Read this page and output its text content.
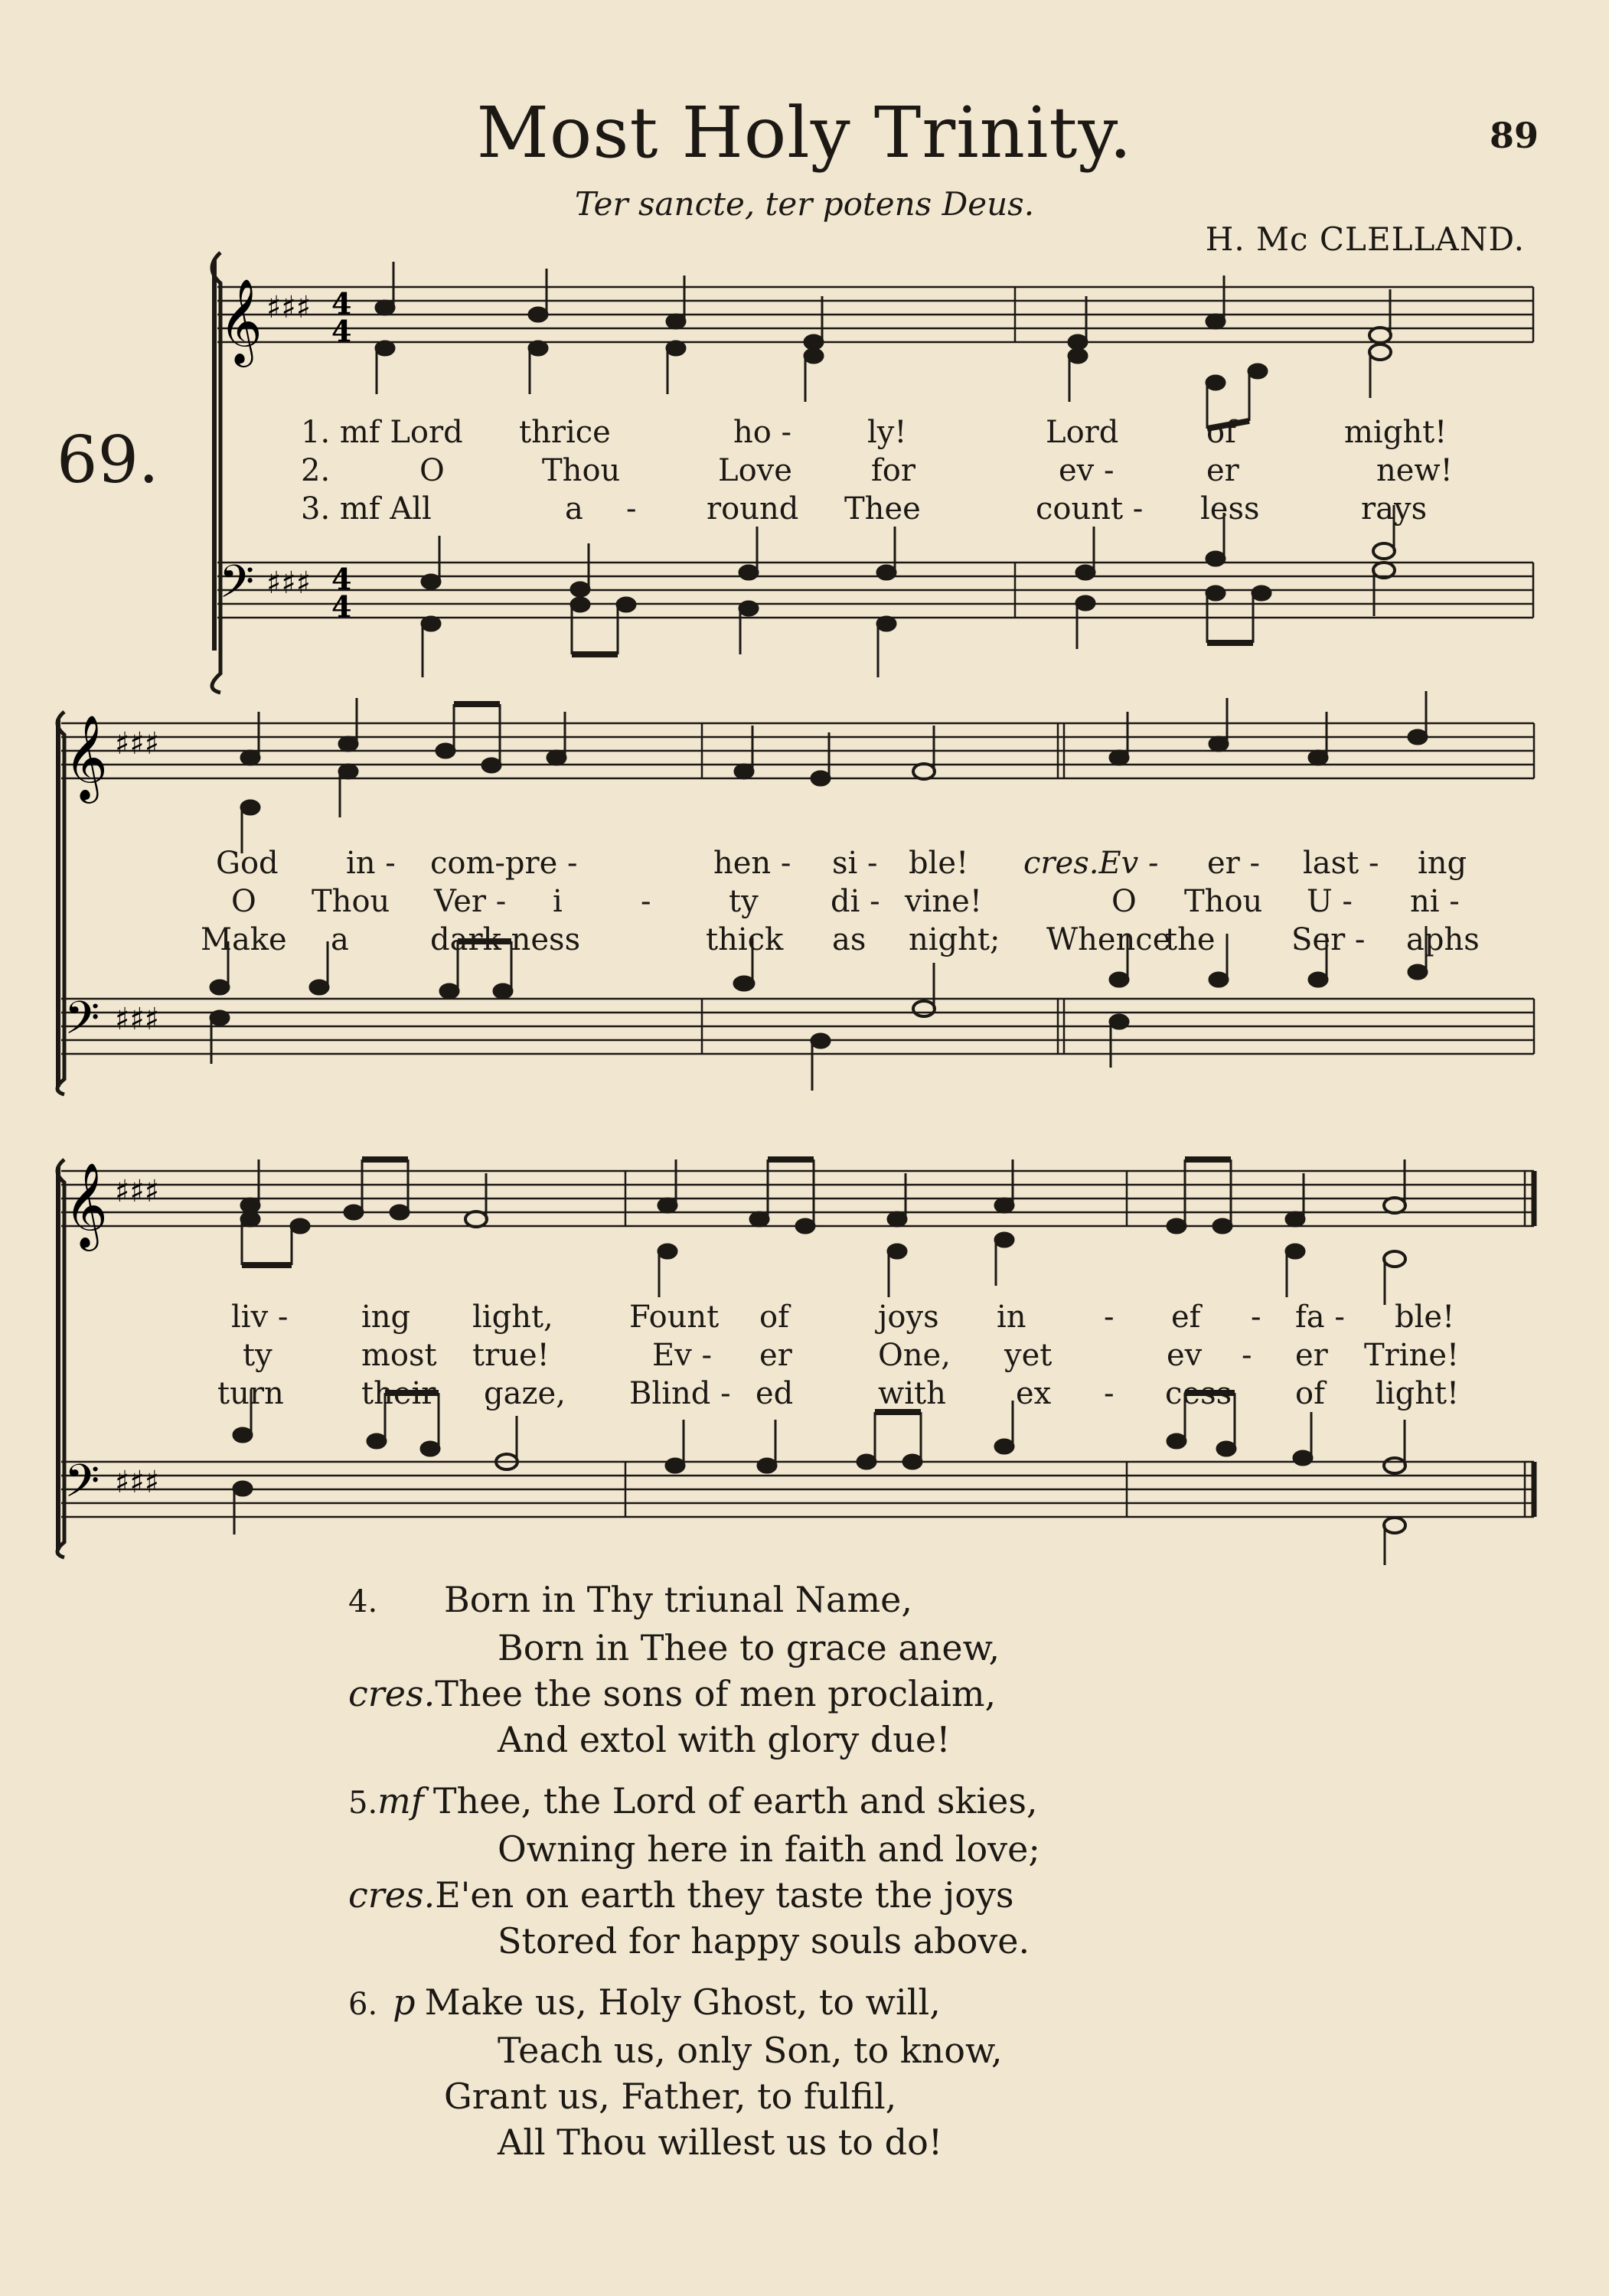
Most Holy Trinity.	89
Ter sancte, ter potens Deus.
H. Mc CLELLAND.
69.
𝄞
𝄢
♯♯♯
♯♯♯
4
4
4
4
1. mf Lord thrice	ho - ly!	Lord	of	might!
2.	O	Thou	Love	for	ev -	er	new!
3. mf All	a - round Thee	count - less	rays
𝄞
𝄢
♯♯♯
♯♯♯
God in - com-pre -	hen - si - ble! cres.Ev - er - last - ing
O Thou Ver - i	-	ty di - vine!	O Thou U - ni -
Make a	dark-ness	thick as night; Whence
the Ser - aphs
𝄞
𝄢
♯♯♯
♯♯♯
liv - ing light, Fount of	joys in	- ef - fa - ble!
ty	most true!	Ev - er	One, yet	ev - er Trine!
turn	their gaze, Blind - ed	with ex - cess of light!
4. Born in Thy triunal Name,
Born in Thee to grace anew,
cres.Thee the sons of men proclaim,
And extol with glory due!
5.mf Thee, the Lord of earth and skies,
Owning here in faith and love;
cres.E'en on earth they taste the joys
Stored for happy souls above.
6. p Make us, Holy Ghost, to will,
Teach us, only Son, to know,
Grant us, Father, to fulfil,
All Thou willest us to do!
